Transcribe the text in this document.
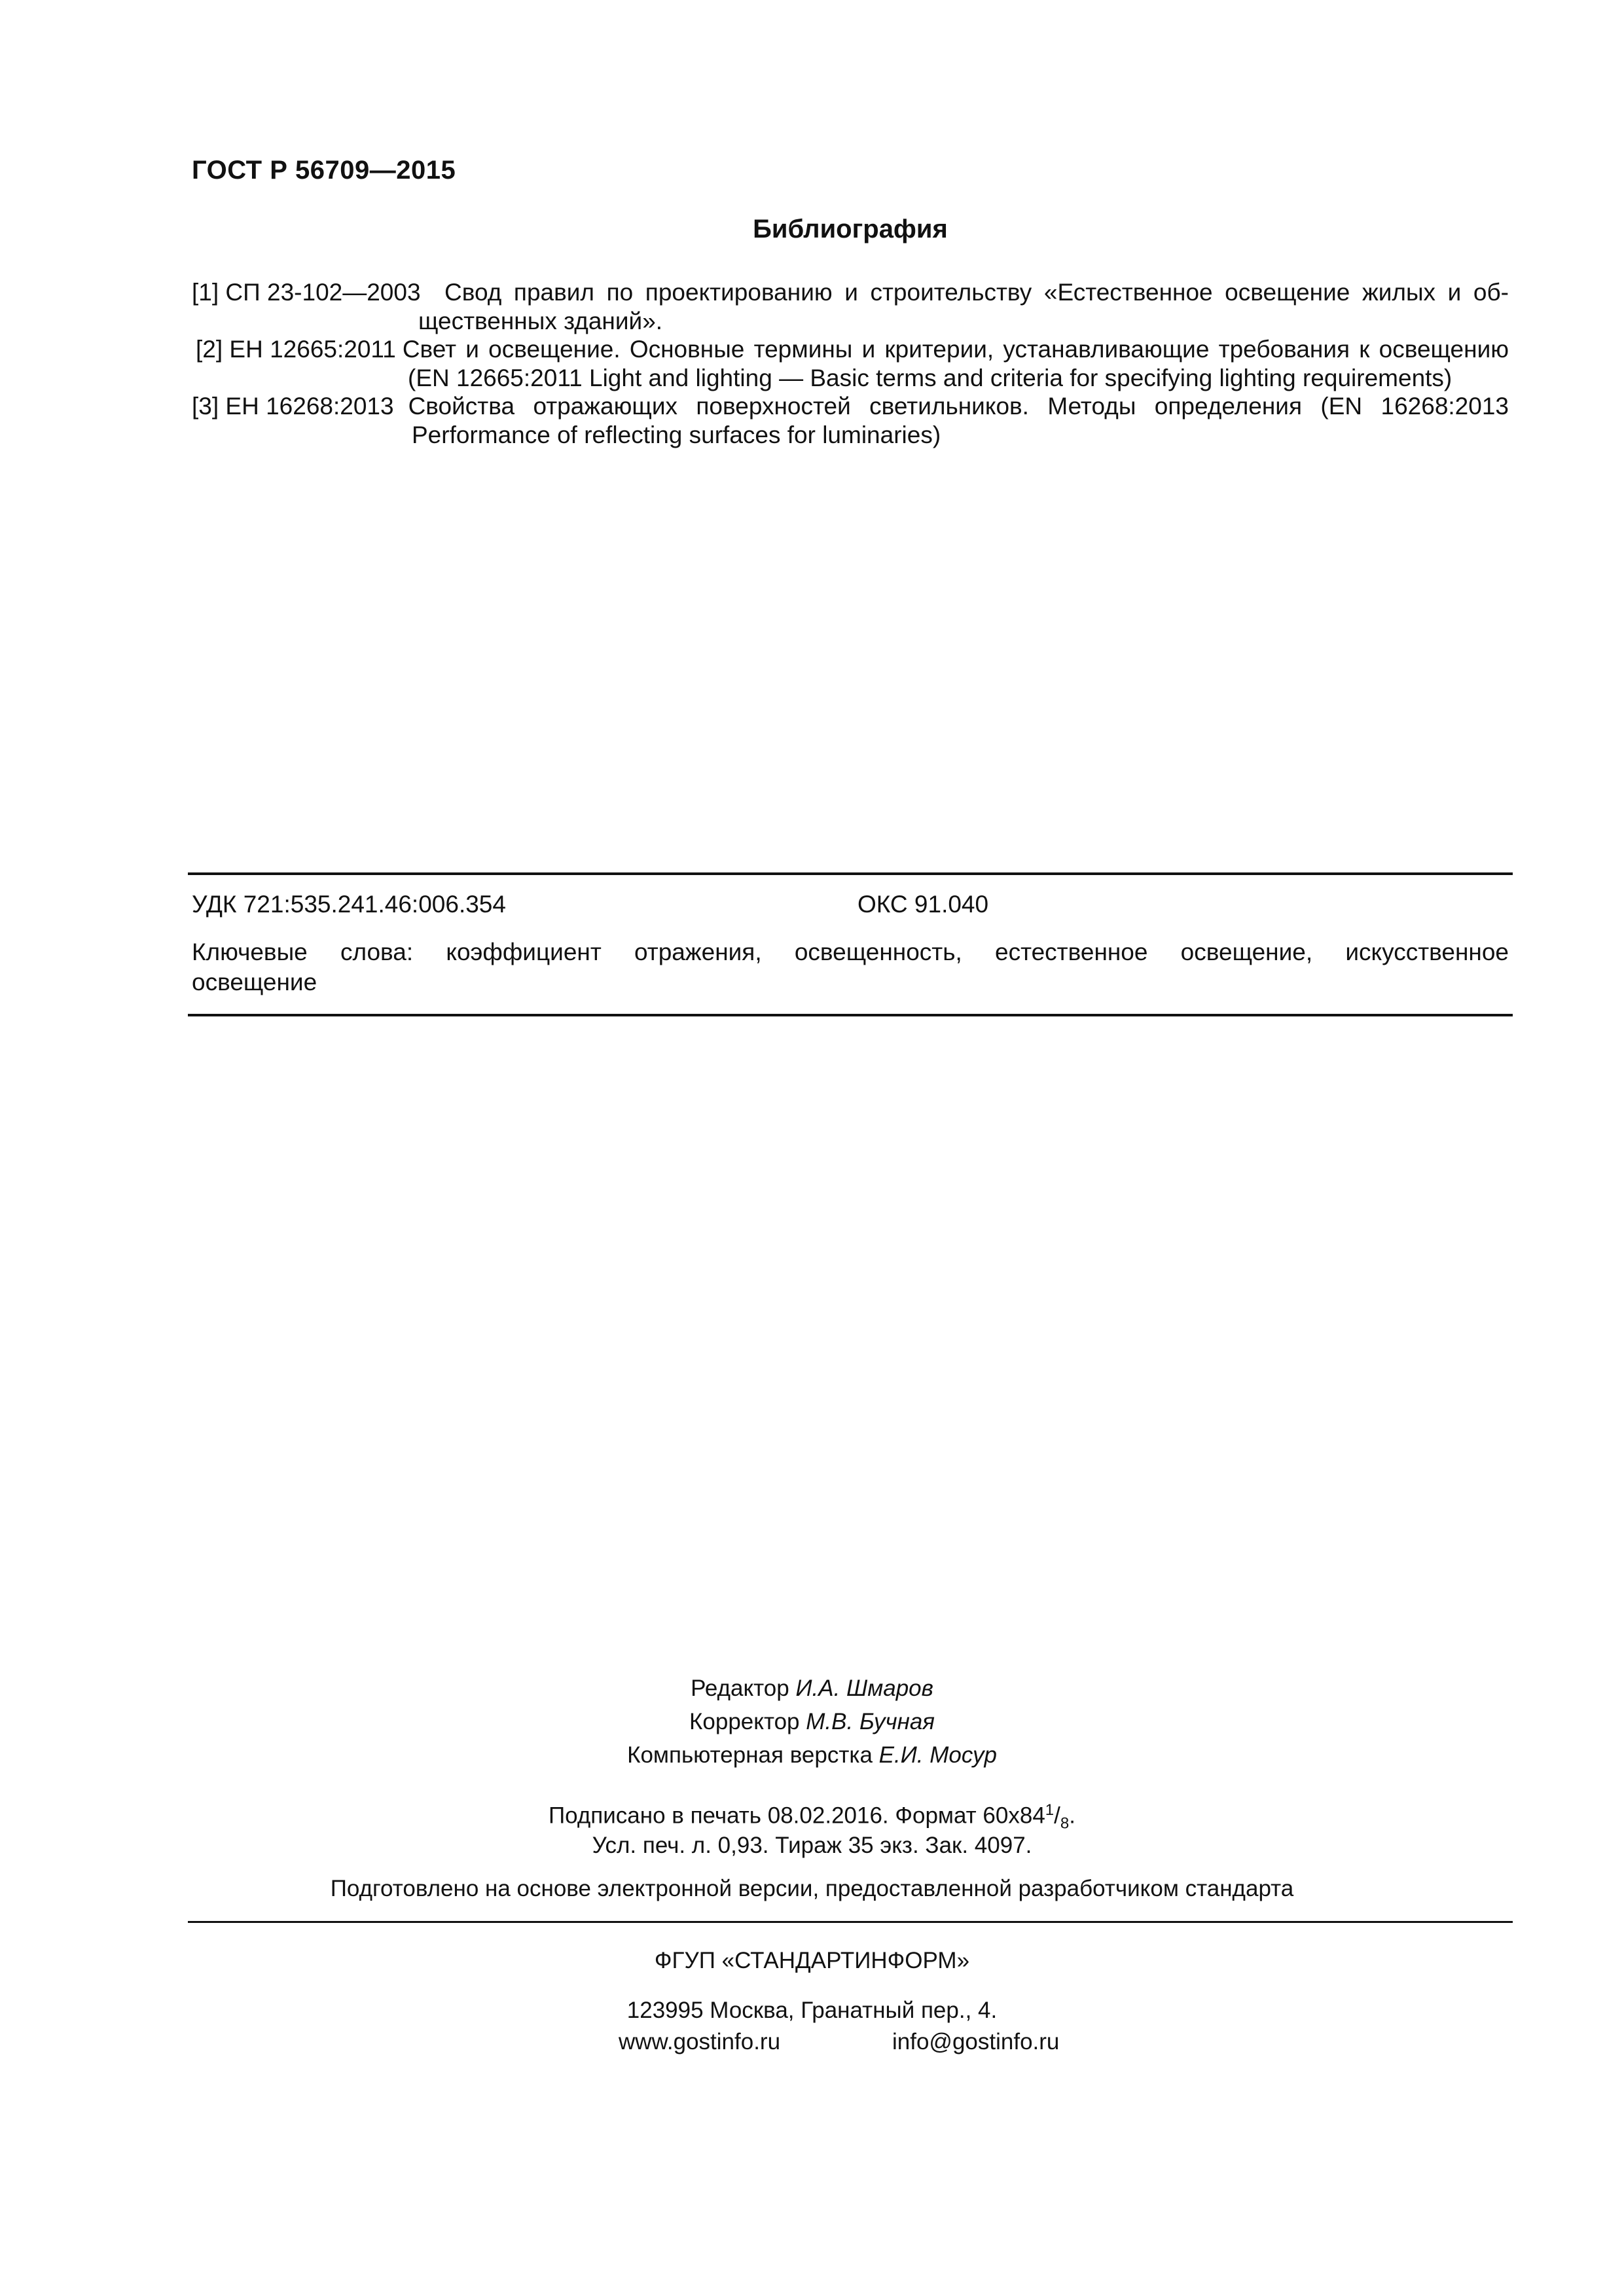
ГОСТ Р 56709—2015
Библиография
[1] СП 23-102—2003 Свод правил по проектированию и строительству «Естественное освещение жилых и об-
щественных зданий».
[2] ЕН 12665:2011 Свет и освещение. Основные термины и критерии, устанавливающие требования к освещению
(EN 12665:2011 Light and lighting — Basic terms and criteria for specifying lighting requirements)
[3] ЕН 16268:2013 Свойства отражающих поверхностей светильников. Методы определения (EN 16268:2013
Performance of reflecting surfaces for luminaries)
УДК 721:535.241.46:006.354	ОКС 91.040
Ключевые слова: коэффициент отражения, освещенность, естественное освещение, искусственное
освещение
Редактор И.А. Шмаров
Корректор М.В. Бучная
Компьютерная верстка Е.И. Мосур
Подписано в печать 08.02.2016. Формат $60x84^1/_8$.
Усл. печ. л. 0,93. Тираж 35 экз. Зак. 4097.
Подготовлено на основе электронной версии, предоставленной разработчиком стандарта
ФГУП «СТАНДАРТИНФОРМ»
123995 Москва, Гранатный пер., 4.
www.gostinfo.ru	info@gostinfo.ru
